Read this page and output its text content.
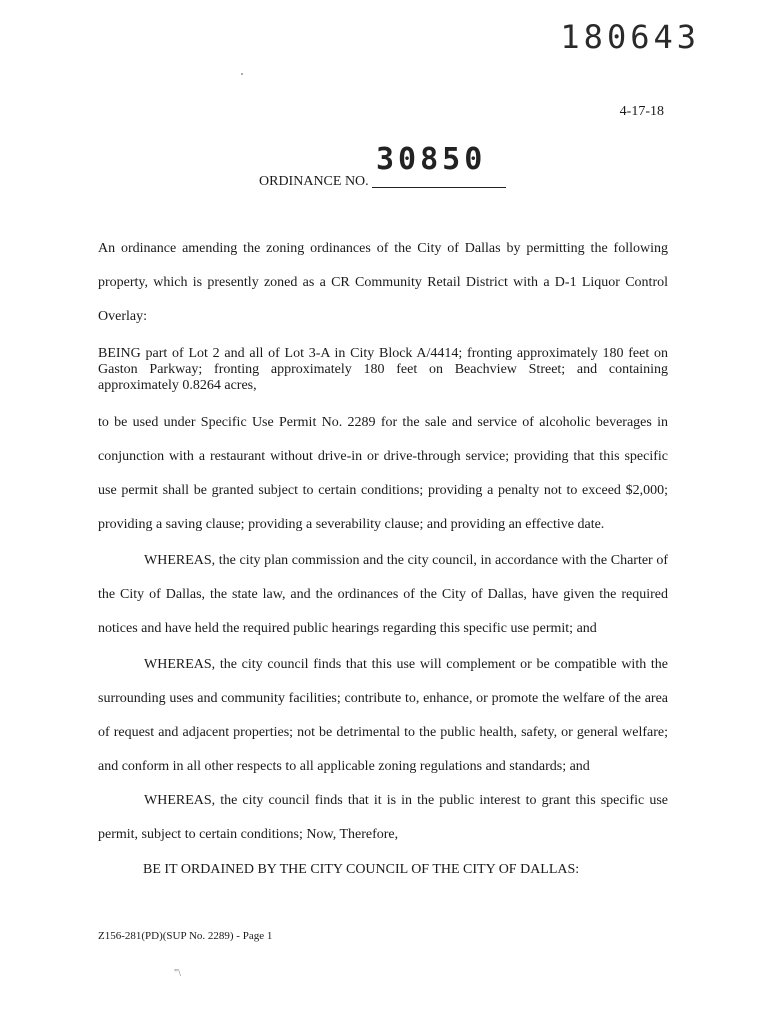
180643
4-17-18
30850
ORDINANCE NO.

An ordinance amending the zoning ordinances of the City of Dallas by permitting the following property, which is presently zoned as a CR Community Retail District with a D-1 Liquor Control Overlay:

BEING part of Lot 2 and all of Lot 3-A in City Block A/4414; fronting approximately 180 feet on Gaston Parkway; fronting approximately 180 feet on Beachview Street; and containing approximately 0.8264 acres,

to be used under Specific Use Permit No. 2289 for the sale and service of alcoholic beverages in conjunction with a restaurant without drive-in or drive-through service; providing that this specific use permit shall be granted subject to certain conditions; providing a penalty not to exceed $2,000; providing a saving clause; providing a severability clause; and providing an effective date.

WHEREAS, the city plan commission and the city council, in accordance with the Charter of the City of Dallas, the state law, and the ordinances of the City of Dallas, have given the required notices and have held the required public hearings regarding this specific use permit; and

WHEREAS, the city council finds that this use will complement or be compatible with the surrounding uses and community facilities; contribute to, enhance, or promote the welfare of the area of request and adjacent properties; not be detrimental to the public health, safety, or general welfare; and conform in all other respects to all applicable zoning regulations and standards; and

WHEREAS, the city council finds that it is in the public interest to grant this specific use permit, subject to certain conditions; Now, Therefore,

BE IT ORDAINED BY THE CITY COUNCIL OF THE CITY OF DALLAS:
Z156-281(PD)(SUP No. 2289) - Page 1
"\
